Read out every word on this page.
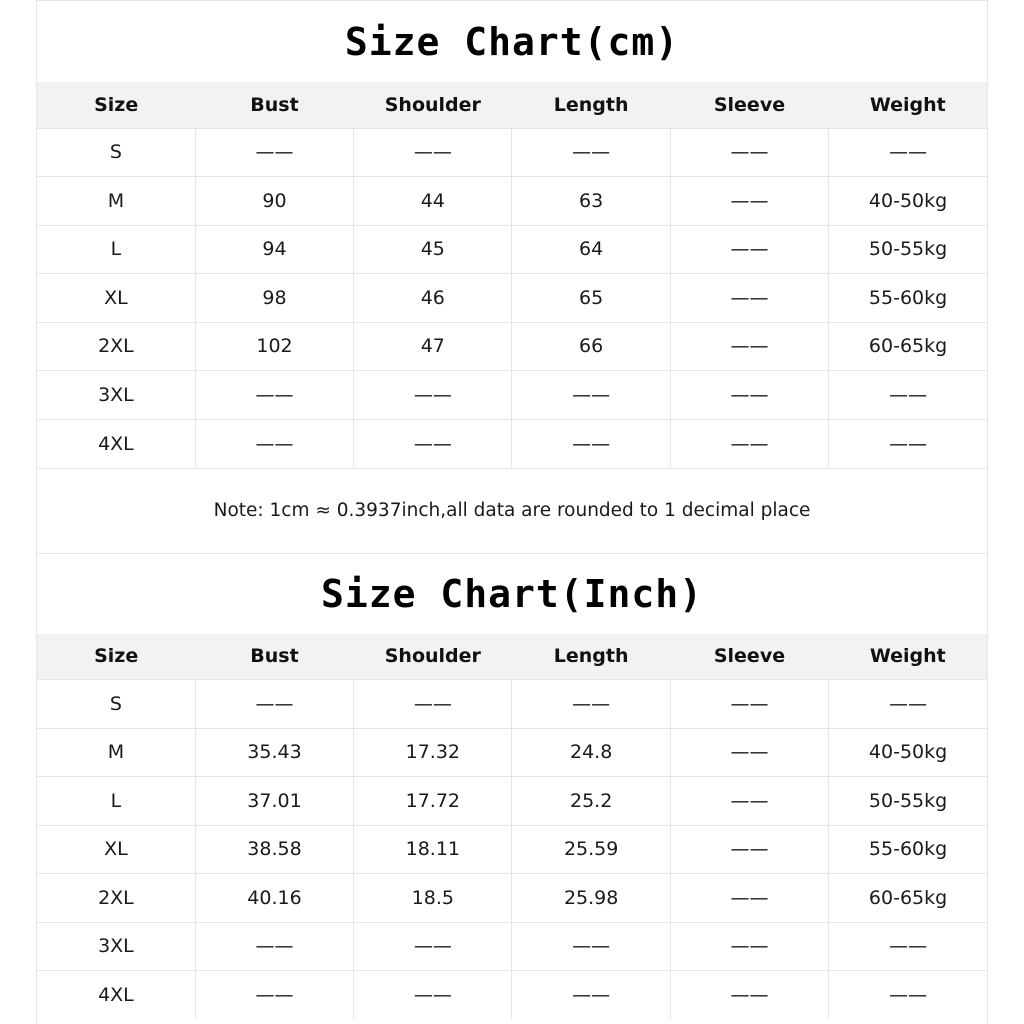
Size Chart(cm)
Size	Bust	Shoulder	Length	Sleeve	Weight
S	——	——	——	——	——
M	90	44	63	——	40-50kg
L	94	45	64	——	50-55kg
XL	98	46	65	——	55-60kg
2XL	102	47	66	——	60-65kg
3XL	——	——	——	——	——
4XL	——	——	——	——	——
Note: 1cm ≈ 0.3937inch,all data are rounded to 1 decimal place
Size Chart(Inch)
Size	Bust	Shoulder	Length	Sleeve	Weight
S	——	——	——	——	——
M	35.43	17.32	24.8	——	40-50kg
L	37.01	17.72	25.2	——	50-55kg
XL	38.58	18.11	25.59	——	55-60kg
2XL	40.16	18.5	25.98	——	60-65kg
3XL	——	——	——	——	——
4XL	——	——	——	——	——
